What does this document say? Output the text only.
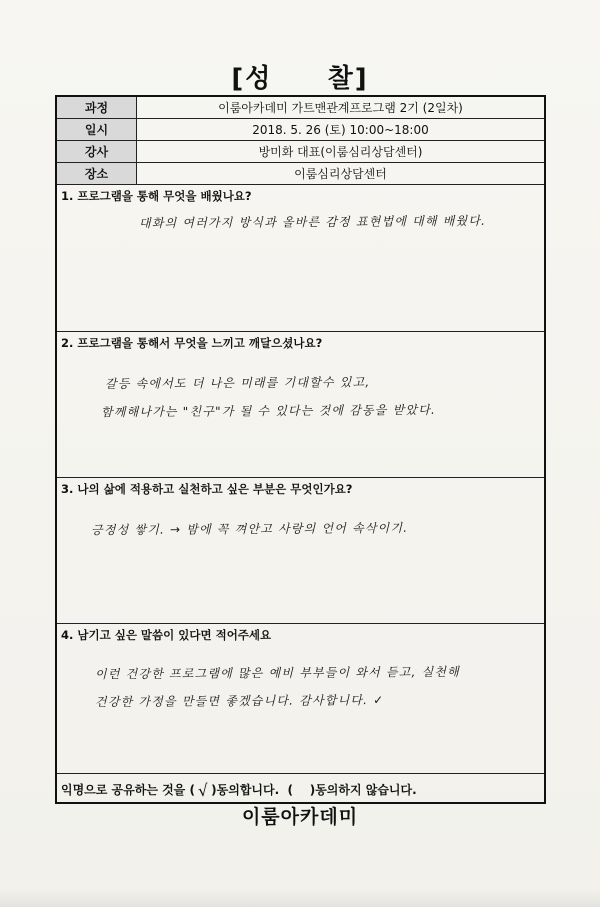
[성     찰]
과정	이룸아카데미 가트맨관계프로그램 2기 (2일차)
일시	2018. 5. 26 (토) 10:00~18:00
강사	방미화 대표(이룸심리상담센터)
장소	이룸심리상담센터
1. 프로그램을 통해 무엇을 배웠나요?
대화의 여러가지 방식과 올바른 감정 표현법에 대해 배웠다.
2. 프로그램을 통해서 무엇을 느끼고 깨달으셨나요?
갈등 속에서도 더 나은 미래를 기대할수 있고,
함께해나가는 "친구"가 될 수 있다는 것에 감동을 받았다.
3. 나의 삶에 적용하고 실천하고 싶은 부분은 무엇인가요?
긍정성 쌓기. → 밤에 꼭 껴안고 사랑의 언어 속삭이기.
4. 남기고 싶은 말씀이 있다면 적어주세요
이런 건강한 프로그램에 많은 예비 부부들이 와서 듣고, 실천해
건강한 가정을 만들면 좋겠습니다. 감사합니다. ✓
익명으로 공유하는 것을 ( √ )동의합니다.  (    )동의하지 않습니다.
이룸아카데미
